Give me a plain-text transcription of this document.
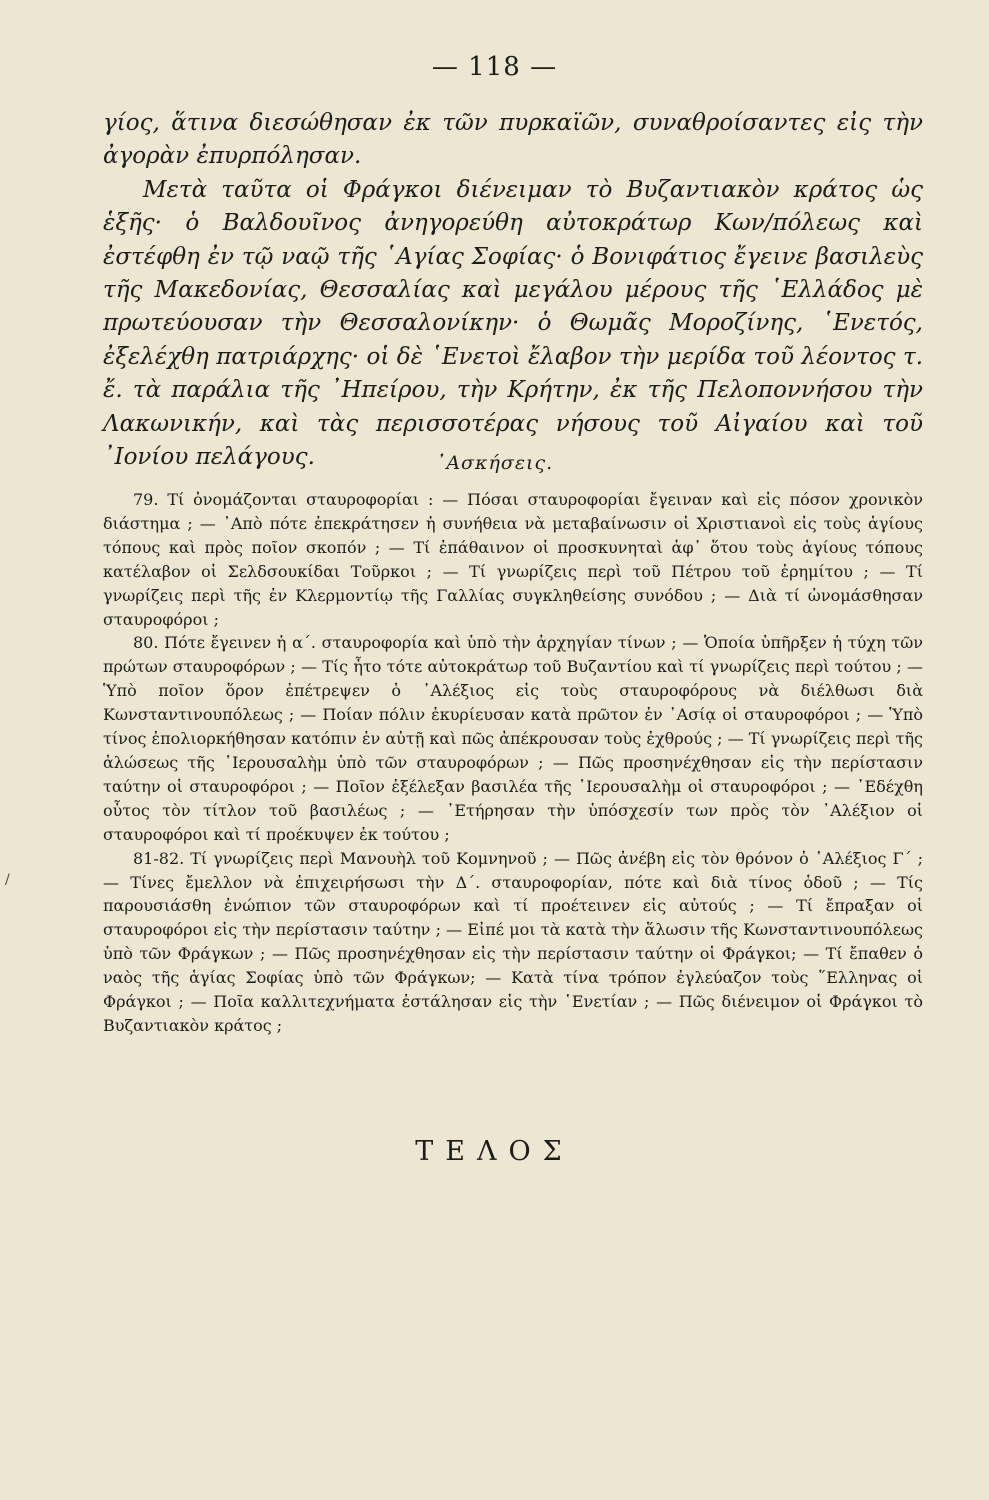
— 118 —

γίος, ἅτινα διεσώθησαν ἐκ τῶν πυρκαϊῶν, συναθροίσαντες εἰς τὴν ἀγορὰν ἐπυρπόλησαν.

Μετὰ ταῦτα οἱ Φράγκοι διένειμαν τὸ Βυζαντιακὸν κράτος ὡς ἑξῆς· ὁ Βαλδουῖνος ἀνηγορεύθη αὐτοκράτωρ Κων/πόλεως καὶ ἐστέφθη ἐν τῷ ναῷ τῆς ῾Αγίας Σοφίας· ὁ Βονιφάτιος ἔγεινε βασιλεὺς τῆς Μακεδονίας, Θεσσαλίας καὶ μεγάλου μέρους τῆς ῾Ελλάδος μὲ πρωτεύουσαν τὴν Θεσσαλονίκην· ὁ Θωμᾶς Μοροζίνης, ῾Ενετός, ἐξελέχθη πατριάρχης· οἱ δὲ ῾Ενετοὶ ἔλαβον τὴν μερίδα τοῦ λέοντος τ. ἔ. τὰ παράλια τῆς ᾿Ηπείρου, τὴν Κρήτην, ἐκ τῆς Πελοποννήσου τὴν Λακωνικήν, καὶ τὰς περισσοτέρας νήσους τοῦ Αἰγαίου καὶ τοῦ ᾿Ιονίου πελάγους.	᾿Ασκήσεις.

79. Τί ὀνομάζονται σταυροφορίαι : — Πόσαι σταυροφορίαι ἔγειναν καὶ εἰς πόσον χρονικὸν διάστημα ; — ᾿Απὸ πότε ἐπεκράτησεν ἡ συνήθεια νὰ μεταβαίνωσιν οἱ Χριστιανοὶ εἰς τοὺς ἁγίους τόπους καὶ πρὸς ποῖον σκοπόν ; — Τί ἐπάθαινον οἱ προσκυνηταὶ ἀφ᾿ ὅτου τοὺς ἁγίους τόπους κατέλαβον οἱ Σελδσουκίδαι Τοῦρκοι ; — Τί γνωρίζεις περὶ τοῦ Πέτρου τοῦ ἐρημίτου ; — Τί γνωρίζεις περὶ τῆς ἐν Κλερμοντίῳ τῆς Γαλλίας συγκληθείσης συνόδου ; — Διὰ τί ὠνομάσθησαν σταυροφόροι ;

80. Πότε ἔγεινεν ἡ α΄. σταυροφορία καὶ ὑπὸ τὴν ἀρχηγίαν τίνων ; — Ὁποία ὑπῆρξεν ἡ τύχη τῶν πρώτων σταυροφόρων ; — Τίς ἦτο τότε αὐτοκράτωρ τοῦ Βυζαντίου καὶ τί γνωρίζεις περὶ τούτου ; — Ὑπὸ ποῖον ὅρον ἐπέτρεψεν ὁ ᾿Αλέξιος εἰς τοὺς σταυροφόρους νὰ διέλθωσι διὰ Κωνσταντινουπόλεως ; — Ποίαν πόλιν ἐκυρίευσαν κατὰ πρῶτον ἐν ᾿Ασίᾳ οἱ σταυροφόροι ; — Ὑπὸ τίνος ἐπολιορκήθησαν κατόπιν ἐν αὐτῇ καὶ πῶς ἀπέκρουσαν τοὺς ἐχθρούς ; — Τί γνωρίζεις περὶ τῆς ἁλώσεως τῆς ῾Ιερουσαλὴμ ὑπὸ τῶν σταυροφόρων ; — Πῶς προσηνέχθησαν εἰς τὴν περίστασιν ταύτην οἱ σταυροφόροι ; — Ποῖον ἐξέλεξαν βασιλέα τῆς ῾Ιερουσαλὴμ οἱ σταυροφόροι ; — ᾿Εδέχθη οὗτος τὸν τίτλον τοῦ βασιλέως ; — ᾿Ετήρησαν τὴν ὑπόσχεσίν των πρὸς τὸν ᾿Αλέξιον οἱ σταυροφόροι καὶ τί προέκυψεν ἐκ τούτου ;

81-82. Τί γνωρίζεις περὶ Μανουὴλ τοῦ Κομνηνοῦ ; — Πῶς ἀνέβη εἰς τὸν θρόνον ὁ ᾿Αλέξιος Γ΄ ; — Τίνες ἔμελλον νὰ ἐπιχειρήσωσι τὴν Δ΄. σταυροφορίαν, πότε καὶ διὰ τίνος ὁδοῦ ; — Τίς παρουσιάσθη ἐνώπιον τῶν σταυροφόρων καὶ τί προέτεινεν εἰς αὐτούς ; — Τί ἔπραξαν οἱ σταυροφόροι εἰς τὴν περίστασιν ταύτην ; — Εἰπέ μοι τὰ κατὰ τὴν ἅλωσιν τῆς Κωνσταντινουπόλεως ὑπὸ τῶν Φράγκων ; — Πῶς προσηνέχθησαν εἰς τὴν περίστασιν ταύτην οἱ Φράγκοι; — Τί ἔπαθεν ὁ ναὸς τῆς ἁγίας Σοφίας ὑπὸ τῶν Φράγκων; — Κατὰ τίνα τρόπον ἐγλεύαζον τοὺς ῞Ελληνας οἱ Φράγκοι ; — Ποῖα καλλιτεχνήματα ἐστάλησαν εἰς τὴν ῾Ενετίαν ; — Πῶς διένειμον οἱ Φράγκοι τὸ Βυζαντιακὸν κράτος ;

/
ΤΕΛΟΣ
